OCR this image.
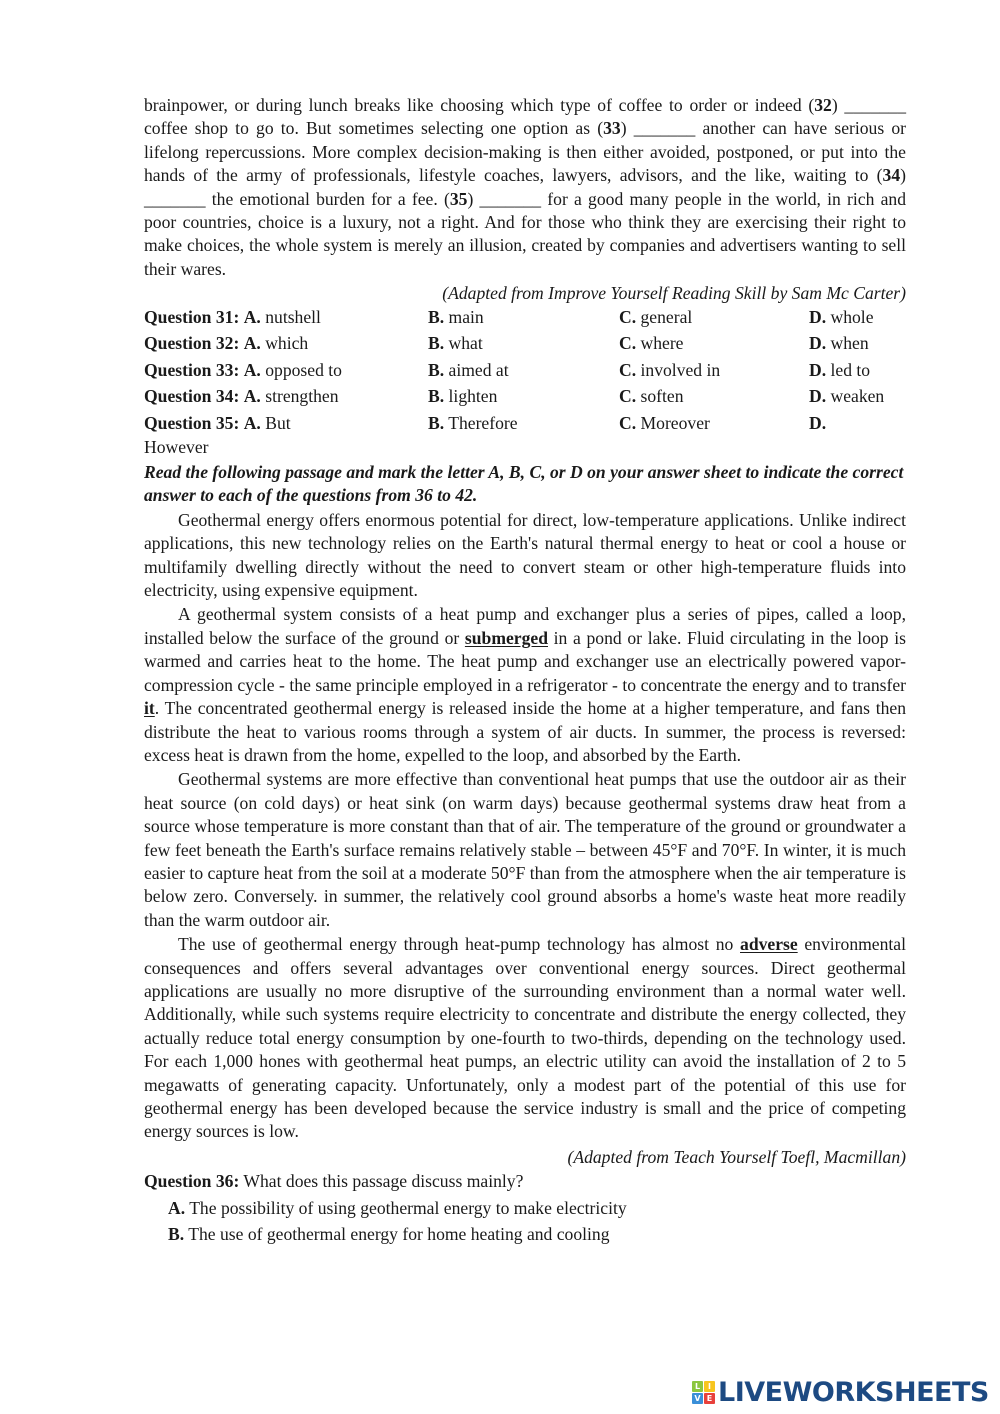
brainpower, or during lunch breaks like choosing which type of coffee to order or indeed (32) _______ coffee shop to go to. But sometimes selecting one option as (33) _______ another can have serious or lifelong repercussions. More complex decision-making is then either avoided, postponed, or put into the hands of the army of professionals, lifestyle coaches, lawyers, advisors, and the like, waiting to (34) _______ the emotional burden for a fee. (35) _______ for a good many people in the world, in rich and poor countries, choice is a luxury, not a right. And for those who think they are exercising their right to make choices, the whole system is merely an illusion, created by companies and advertisers wanting to sell their wares.

(Adapted from Improve Yourself Reading Skill by Sam Mc Carter)

Question 31: A. nutshell	B. main	C. general	D. whole
Question 32: A. which	B. what	C. where	D. when
Question 33: A. opposed to	B. aimed at	C. involved in	D. led to
Question 34: A. strengthen	B. lighten	C. soften	D. weaken
Question 35: A. But	B. Therefore	C. Moreover	D.

However

Read the following passage and mark the letter A, B, C, or D on your answer sheet to indicate the correct answer to each of the questions from 36 to 42.

Geothermal energy offers enormous potential for direct, low-temperature applications. Unlike indirect applications, this new technology relies on the Earth's natural thermal energy to heat or cool a house or multifamily dwelling directly without the need to convert steam or other high-temperature fluids into electricity, using expensive equipment.

A geothermal system consists of a heat pump and exchanger plus a series of pipes, called a loop, installed below the surface of the ground or submerged in a pond or lake. Fluid circulating in the loop is warmed and carries heat to the home. The heat pump and exchanger use an electrically powered vapor-compression cycle - the same principle employed in a refrigerator - to concentrate the energy and to transfer it. The concentrated geothermal energy is released inside the home at a higher temperature, and fans then distribute the heat to various rooms through a system of air ducts. In summer, the process is reversed: excess heat is drawn from the home, expelled to the loop, and absorbed by the Earth.

Geothermal systems are more effective than conventional heat pumps that use the outdoor air as their heat source (on cold days) or heat sink (on warm days) because geothermal systems draw heat from a source whose temperature is more constant than that of air. The temperature of the ground or groundwater a few feet beneath the Earth's surface remains relatively stable – between 45°F and 70°F. In winter, it is much easier to capture heat from the soil at a moderate 50°F than from the atmosphere when the air temperature is below zero. Conversely. in summer, the relatively cool ground absorbs a home's waste heat more readily than the warm outdoor air.

The use of geothermal energy through heat-pump technology has almost no adverse environmental consequences and offers several advantages over conventional energy sources. Direct geothermal applications are usually no more disruptive of the surrounding environment than a normal water well. Additionally, while such systems require electricity to concentrate and distribute the energy collected, they actually reduce total energy consumption by one-fourth to two-thirds, depending on the technology used. For each 1,000 hones with geothermal heat pumps, an electric utility can avoid the installation of 2 to 5 megawatts of generating capacity. Unfortunately, only a modest part of the potential of this use for geothermal energy has been developed because the service industry is small and the price of competing energy sources is low.

(Adapted from Teach Yourself Toefl, Macmillan)

Question 36: What does this passage discuss mainly?

A. The possibility of using geothermal energy to make electricity

B. The use of geothermal energy for home heating and cooling

L I
V E LIVEWORKSHEETS
